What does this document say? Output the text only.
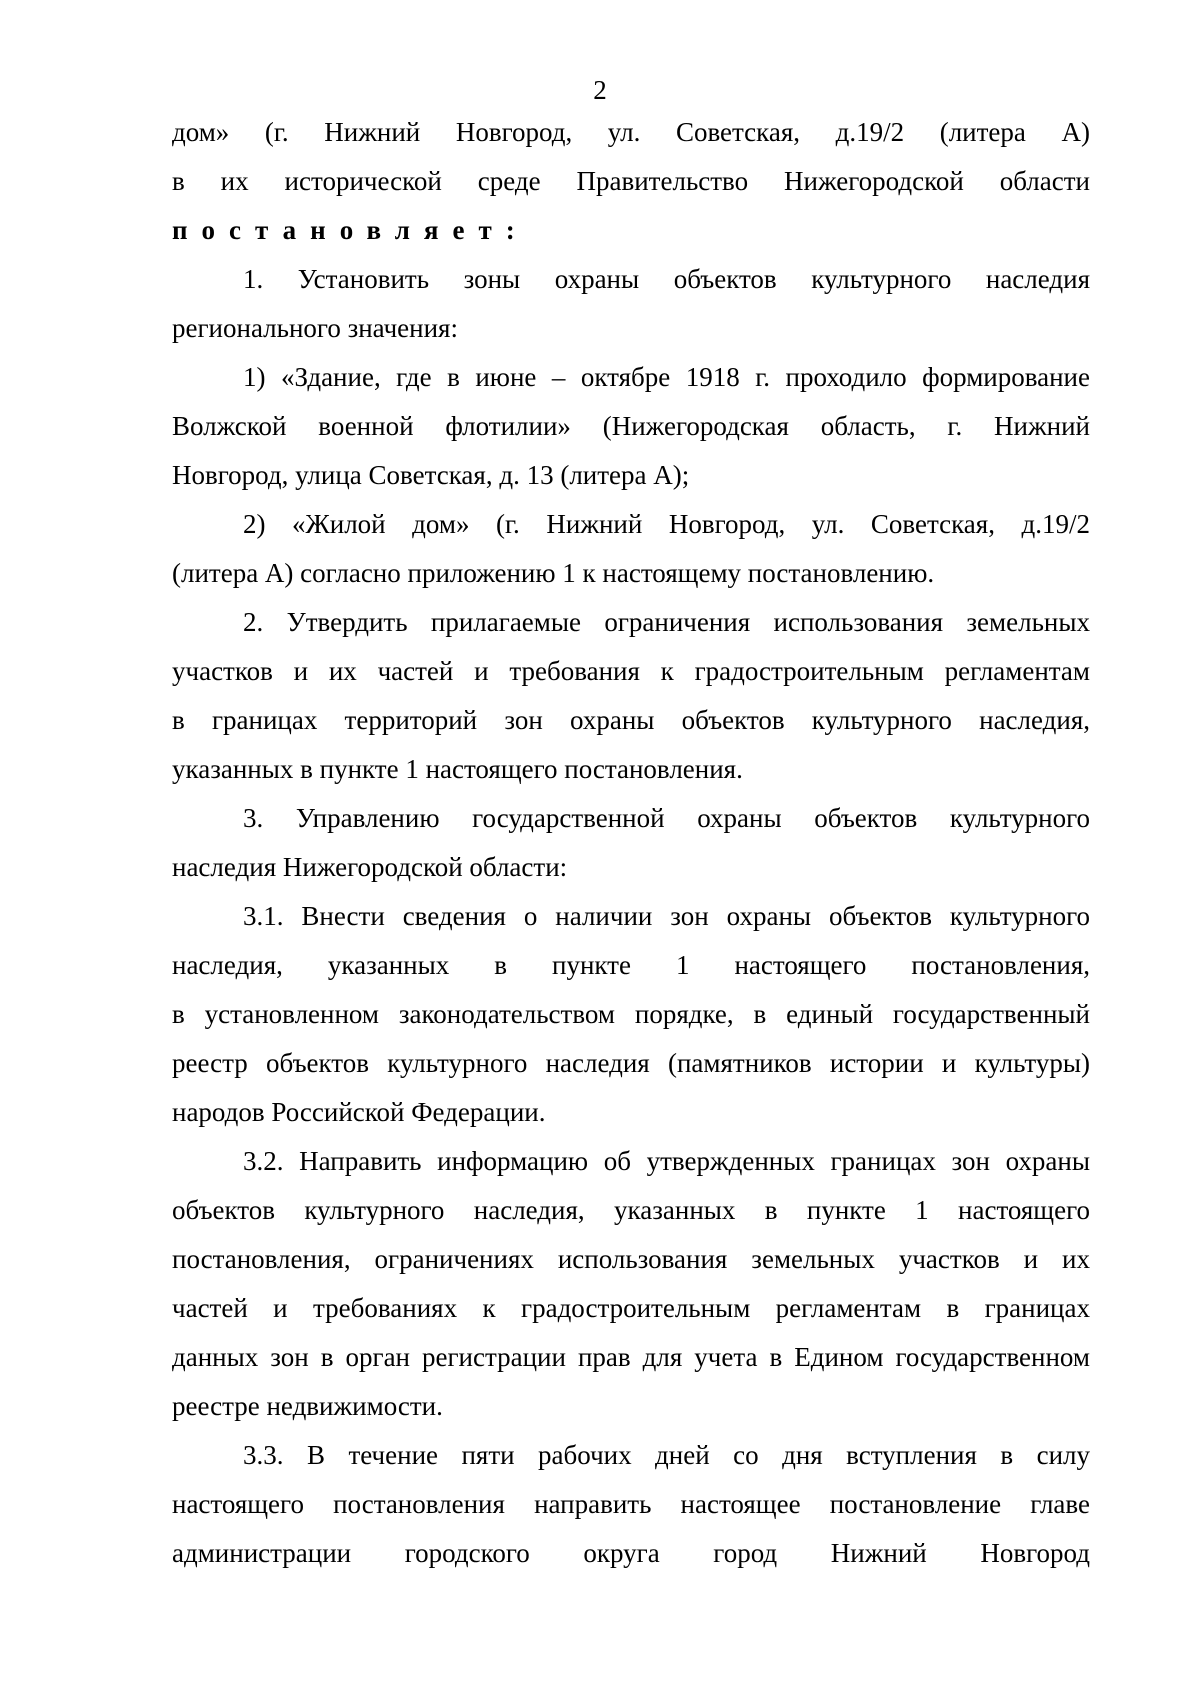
2
дом» (г. Нижний Новгород, ул. Советская, д.19/2 (литера А)
в их исторической среде Правительство Нижегородской области
постановляет:
1. Установить зоны охраны объектов культурного наследия
регионального значения:
1) «Здание, где в июне – октябре 1918 г. проходило формирование
Волжской военной флотилии» (Нижегородская область, г. Нижний
Новгород, улица Советская, д. 13 (литера А);
2) «Жилой дом» (г. Нижний Новгород, ул. Советская, д.19/2
(литера А) согласно приложению 1 к настоящему постановлению.
2. Утвердить прилагаемые ограничения использования земельных
участков и их частей и требования к градостроительным регламентам
в границах территорий зон охраны объектов культурного наследия,
указанных в пункте 1 настоящего постановления.
3. Управлению государственной охраны объектов культурного
наследия Нижегородской области:
3.1. Внести сведения о наличии зон охраны объектов культурного
наследия, указанных в пункте 1 настоящего постановления,
в установленном законодательством порядке, в единый государственный
реестр объектов культурного наследия (памятников истории и культуры)
народов Российской Федерации.
3.2. Направить информацию об утвержденных границах зон охраны
объектов культурного наследия, указанных в пункте 1 настоящего
постановления, ограничениях использования земельных участков и их
частей и требованиях к градостроительным регламентам в границах
данных зон в орган регистрации прав для учета в Едином государственном
реестре недвижимости.
3.3. В течение пяти рабочих дней со дня вступления в силу
настоящего постановления направить настоящее постановление главе
администрации городского округа город Нижний Новгород
